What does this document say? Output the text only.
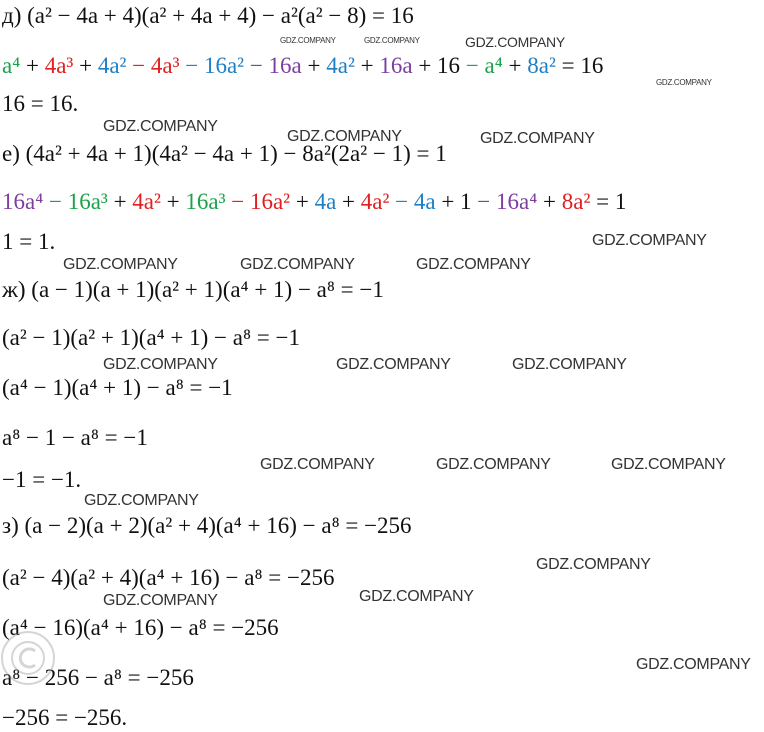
д) (a² − 4a + 4)(a² + 4a + 4) − a²(a² − 8) = 16
a⁴ + 4a³ + 4a² − 4a³ − 16a² − 16a + 4a² + 16a + 16 − a⁴ + 8a² = 16
16 = 16.
е) (4a² + 4a + 1)(4a² − 4a + 1) − 8a²(2a² − 1) = 1
16a⁴ − 16a³ + 4a² + 16a³ − 16a² + 4a + 4a² − 4a + 1 − 16a⁴ + 8a² = 1
1 = 1.
ж) (a − 1)(a + 1)(a² + 1)(a⁴ + 1) − a⁸ = −1
(a² − 1)(a² + 1)(a⁴ + 1) − a⁸ = −1
(a⁴ − 1)(a⁴ + 1) − a⁸ = −1
a⁸ − 1 − a⁸ = −1
−1 = −1.
з) (a − 2)(a + 2)(a² + 4)(a⁴ + 16) − a⁸ = −256
(a² − 4)(a² + 4)(a⁴ + 16) − a⁸ = −256
(a⁴ − 16)(a⁴ + 16) − a⁸ = −256
a⁸ − 256 − a⁸ = −256
−256 = −256.
GDZ.COMPANY	GDZ.COMPANY	GDZ.COMPANY
GDZ.COMPANY
GDZ.COMPANY
GDZ.COMPANY	GDZ.COMPANY
GDZ.COMPANY
GDZ.COMPANY	GDZ.COMPANY	GDZ.COMPANY
GDZ.COMPANY	GDZ.COMPANY	GDZ.COMPANY
GDZ.COMPANY	GDZ.COMPANY	GDZ.COMPANY
GDZ.COMPANY
GDZ.COMPANY
GDZ.COMPANY	GDZ.COMPANY
GDZ.COMPANY
